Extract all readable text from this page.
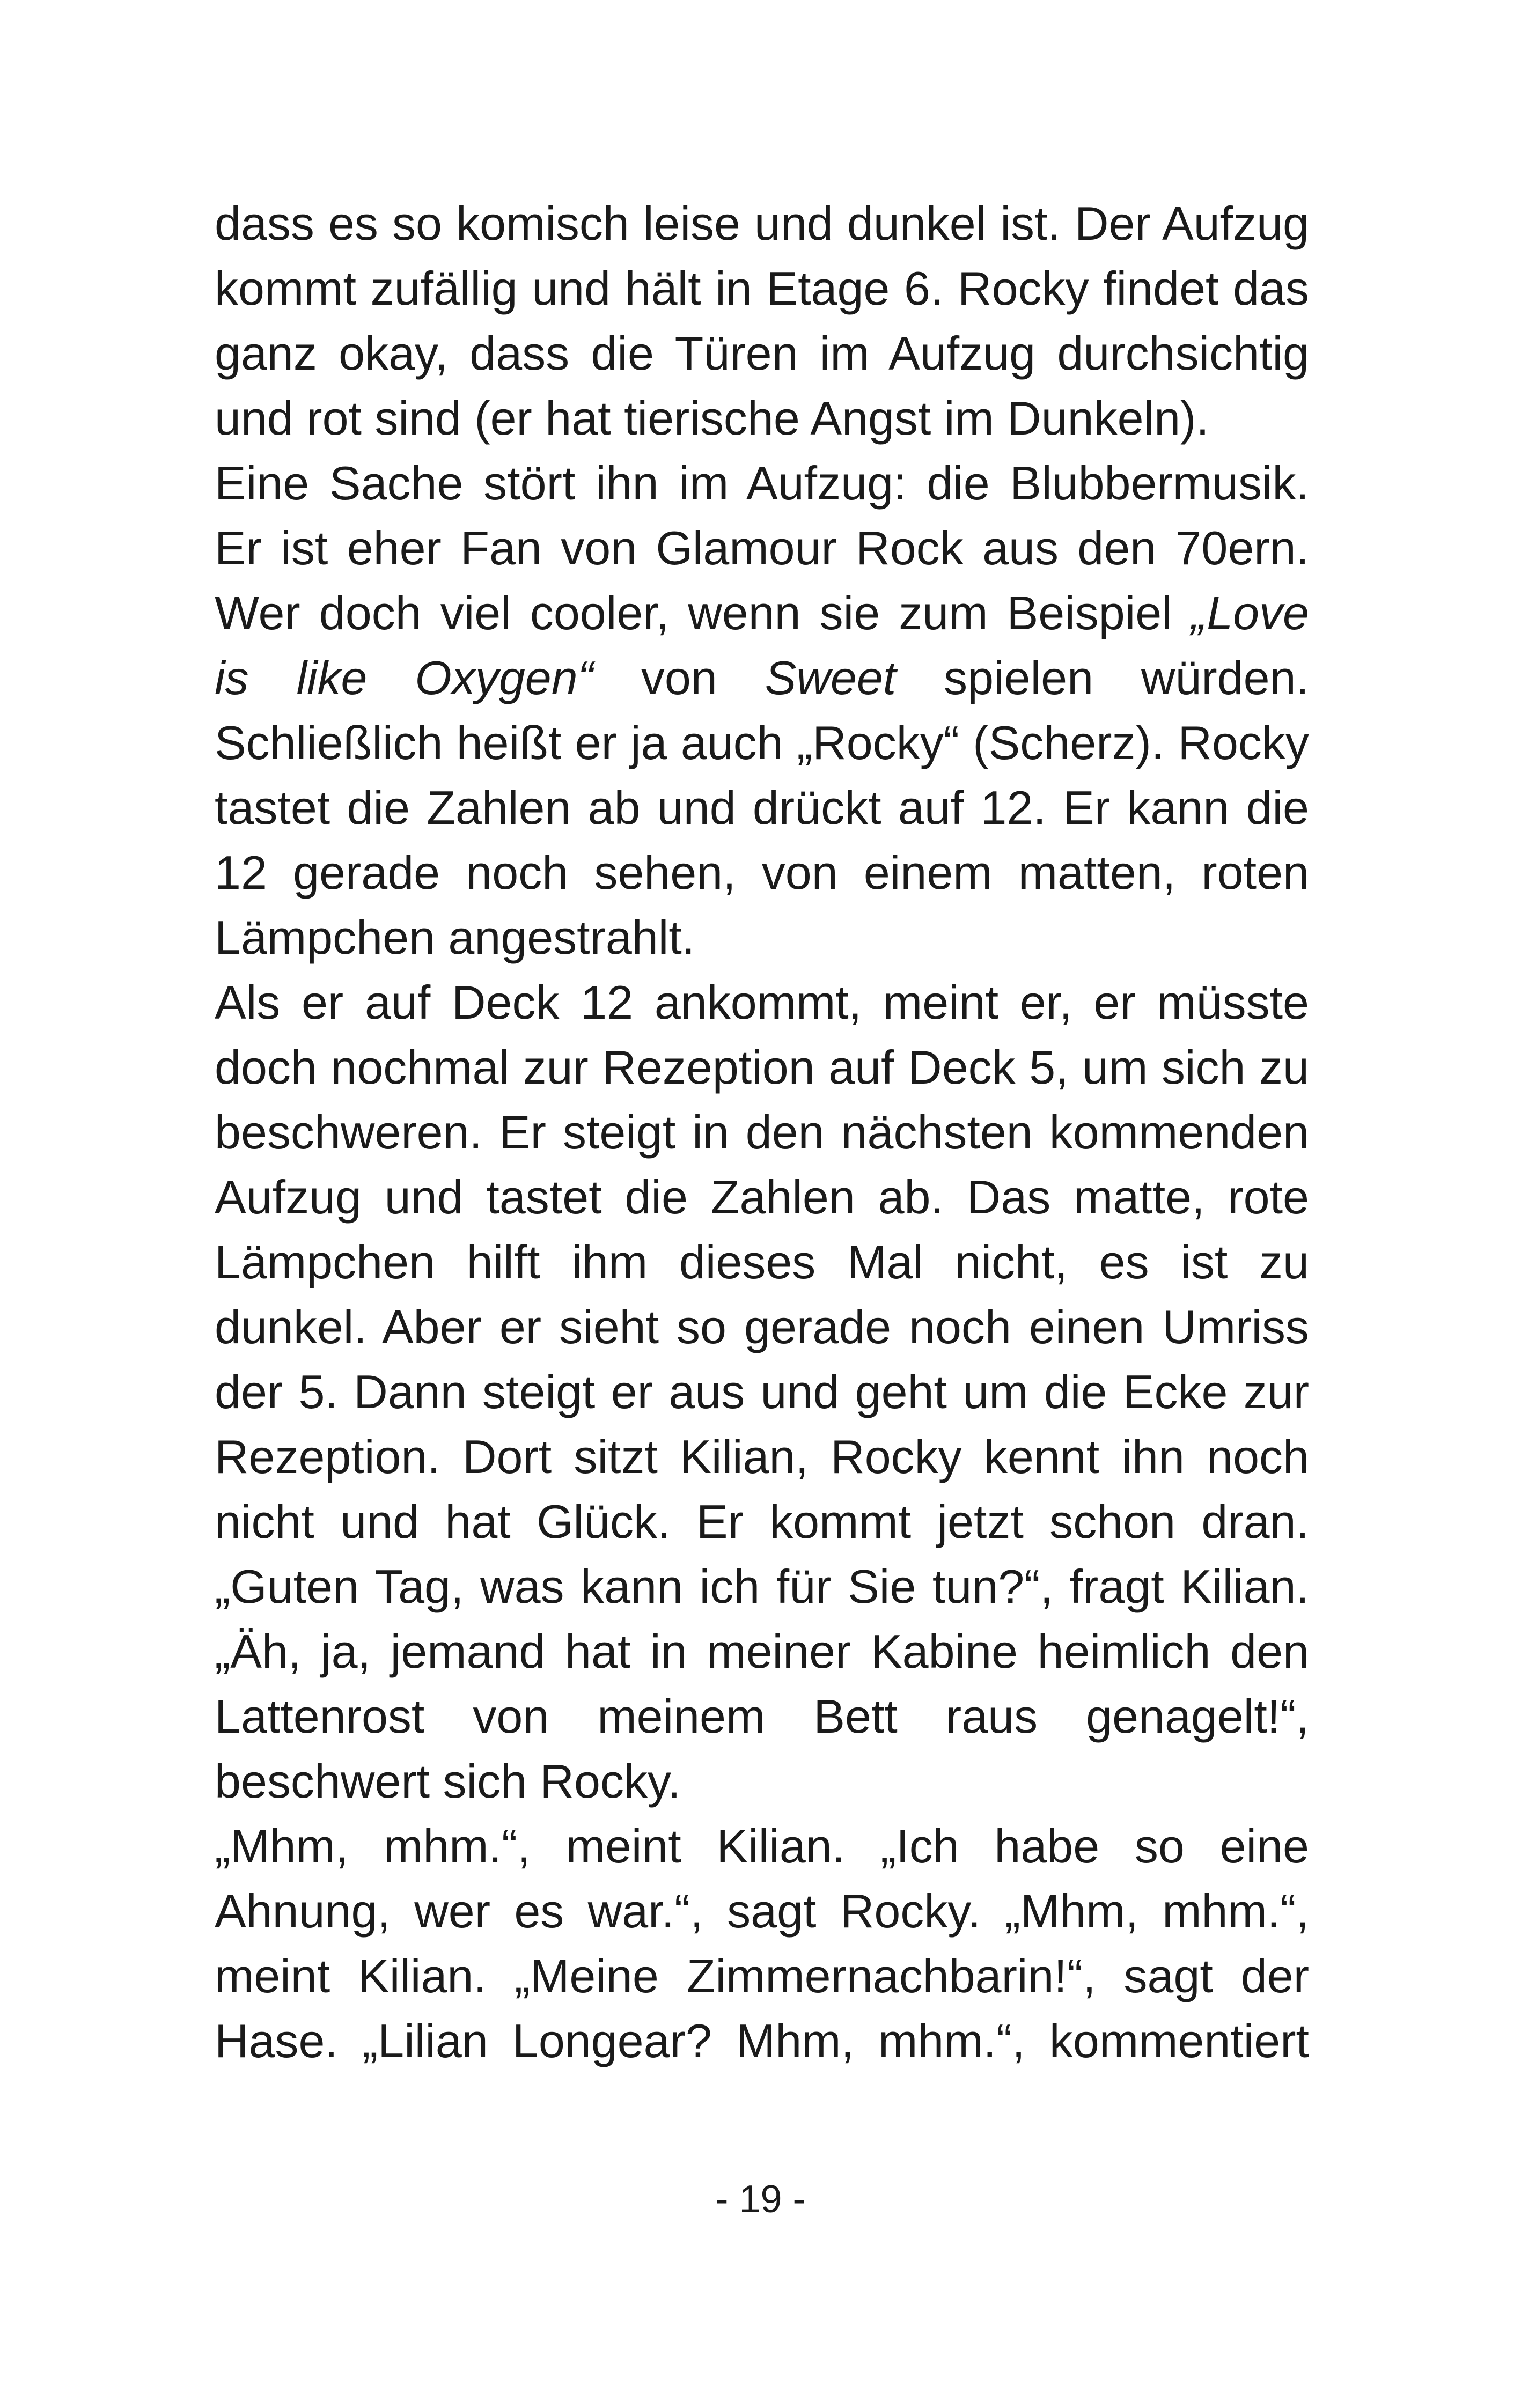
dass es so komisch leise und dunkel ist. Der Aufzug
kommt zufällig und hält in Etage 6. Rocky findet das
ganz okay, dass die Türen im Aufzug durchsichtig
und rot sind (er hat tierische Angst im Dunkeln).
Eine Sache stört ihn im Aufzug: die Blubbermusik.
Er ist eher Fan von Glamour Rock aus den 70ern.
Wer doch viel cooler, wenn sie zum Beispiel „Love
is like Oxygen“ von Sweet spielen würden.
Schließlich heißt er ja auch „Rocky“ (Scherz). Rocky
tastet die Zahlen ab und drückt auf 12. Er kann die
12 gerade noch sehen, von einem matten, roten
Lämpchen angestrahlt.
Als er auf Deck 12 ankommt, meint er, er müsste
doch nochmal zur Rezeption auf Deck 5, um sich zu
beschweren. Er steigt in den nächsten kommenden
Aufzug und tastet die Zahlen ab. Das matte, rote
Lämpchen hilft ihm dieses Mal nicht, es ist zu
dunkel. Aber er sieht so gerade noch einen Umriss
der 5. Dann steigt er aus und geht um die Ecke zur
Rezeption. Dort sitzt Kilian, Rocky kennt ihn noch
nicht und hat Glück. Er kommt jetzt schon dran.
„Guten Tag, was kann ich für Sie tun?“, fragt Kilian.
„Äh, ja, jemand hat in meiner Kabine heimlich den
Lattenrost von meinem Bett raus genagelt!“,
beschwert sich Rocky.
„Mhm, mhm.“, meint Kilian. „Ich habe so eine
Ahnung, wer es war.“, sagt Rocky. „Mhm, mhm.“,
meint Kilian. „Meine Zimmernachbarin!“, sagt der
Hase. „Lilian Longear? Mhm, mhm.“, kommentiert
- 19 -
